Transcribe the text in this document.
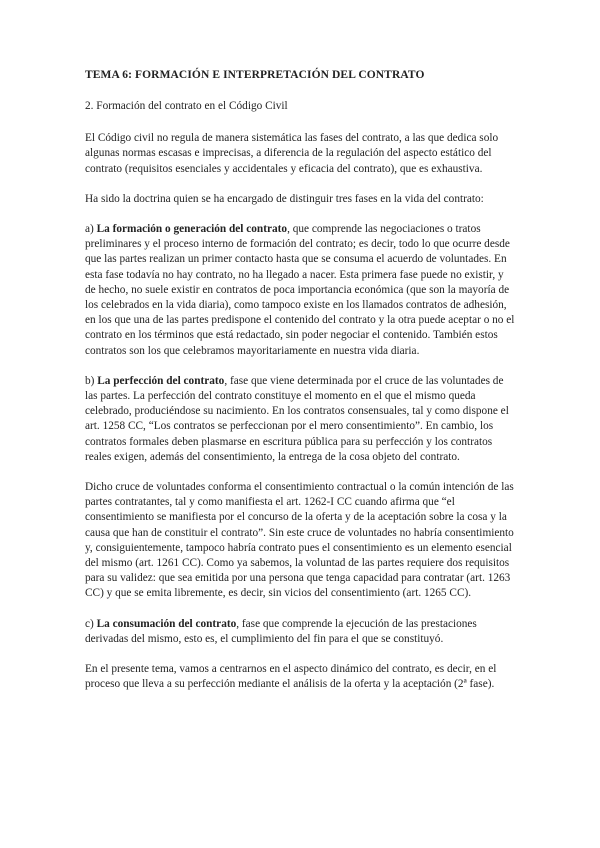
TEMA 6: FORMACIÓN E INTERPRETACIÓN DEL CONTRATO

2. Formación del contrato en el Código Civil

El Código civil no regula de manera sistemática las fases del contrato, a las que dedica solo algunas normas escasas e imprecisas, a diferencia de la regulación del aspecto estático del contrato (requisitos esenciales y accidentales y eficacia del contrato), que es exhaustiva.

Ha sido la doctrina quien se ha encargado de distinguir tres fases en la vida del contrato:

a) La formación o generación del contrato, que comprende las negociaciones o tratos preliminares y el proceso interno de formación del contrato; es decir, todo lo que ocurre desde que las partes realizan un primer contacto hasta que se consuma el acuerdo de voluntades. En esta fase todavía no hay contrato, no ha llegado a nacer. Esta primera fase puede no existir, y de hecho, no suele existir en contratos de poca importancia económica (que son la mayoría de los celebrados en la vida diaria), como tampoco existe en los llamados contratos de adhesión, en los que una de las partes predispone el contenido del contrato y la otra puede aceptar o no el contrato en los términos que está redactado, sin poder negociar el contenido. También estos contratos son los que celebramos mayoritariamente en nuestra vida diaria.

b) La perfección del contrato, fase que viene determinada por el cruce de las voluntades de las partes. La perfección del contrato constituye el momento en el que el mismo queda celebrado, produciéndose su nacimiento. En los contratos consensuales, tal y como dispone el art. 1258 CC, “Los contratos se perfeccionan por el mero consentimiento”. En cambio, los contratos formales deben plasmarse en escritura pública para su perfección y los contratos reales exigen, además del consentimiento, la entrega de la cosa objeto del contrato.

Dicho cruce de voluntades conforma el consentimiento contractual o la común intención de las partes contratantes, tal y como manifiesta el art. 1262-I CC cuando afirma que “el consentimiento se manifiesta por el concurso de la oferta y de la aceptación sobre la cosa y la causa que han de constituir el contrato”. Sin este cruce de voluntades no habría consentimiento y, consiguientemente, tampoco habría contrato pues el consentimiento es un elemento esencial del mismo (art. 1261 CC). Como ya sabemos, la voluntad de las partes requiere dos requisitos para su validez: que sea emitida por una persona que tenga capacidad para contratar (art. 1263 CC) y que se emita libremente, es decir, sin vicios del consentimiento (art. 1265 CC).

c) La consumación del contrato, fase que comprende la ejecución de las prestaciones derivadas del mismo, esto es, el cumplimiento del fin para el que se constituyó.

En el presente tema, vamos a centrarnos en el aspecto dinámico del contrato, es decir, en el proceso que lleva a su perfección mediante el análisis de la oferta y la aceptación (2ª fase).
